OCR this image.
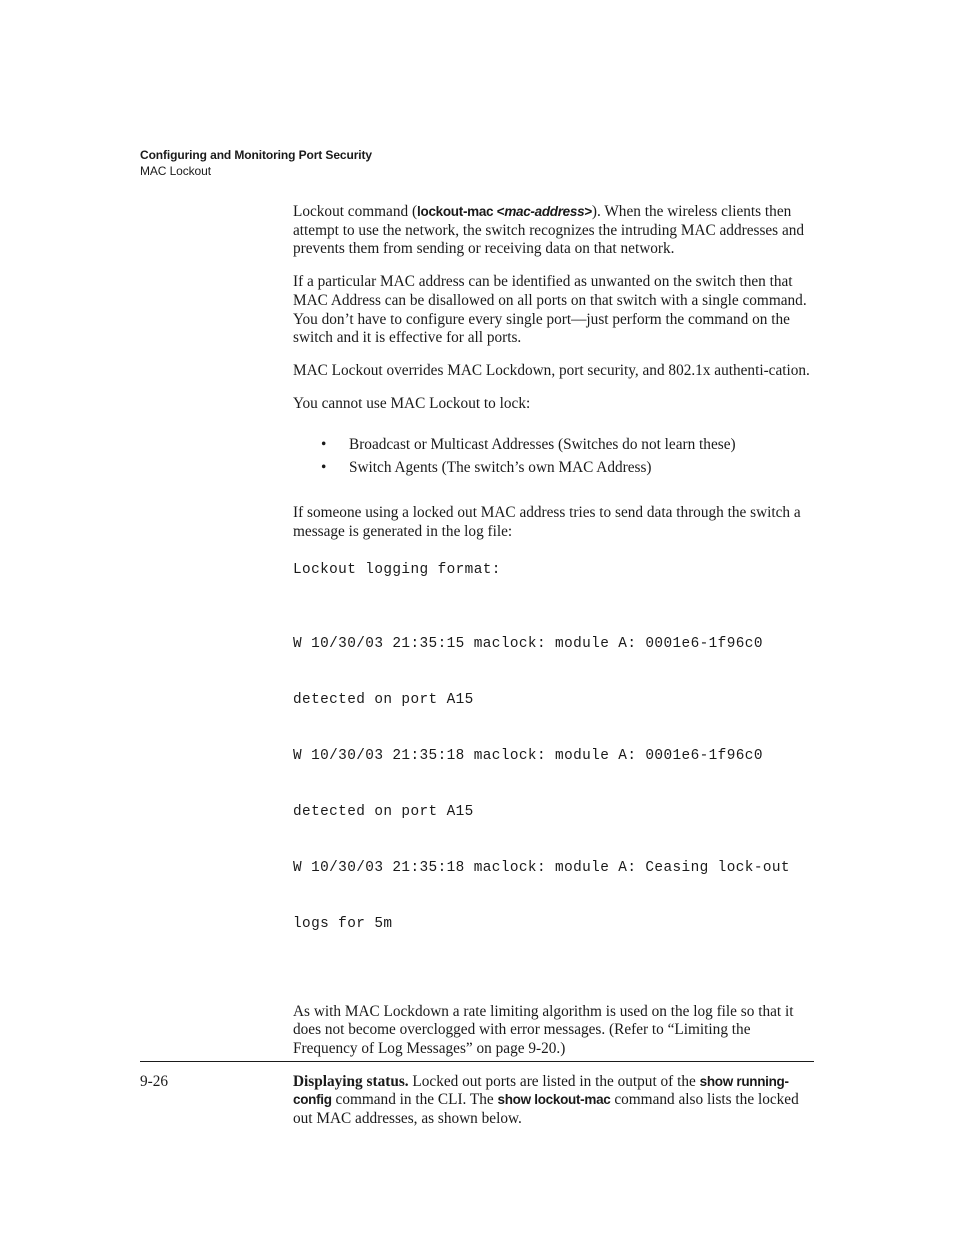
Configuring and Monitoring Port Security
MAC Lockout

Lockout command (lockout-mac <mac-address>). When the wireless clients then attempt to use the network, the switch recognizes the intruding MAC addresses and prevents them from sending or receiving data on that network.

If a particular MAC address can be identified as unwanted on the switch then that MAC Address can be disallowed on all ports on that switch with a single command. You don’t have to configure every single port—just perform the command on the switch and it is effective for all ports.

MAC Lockout overrides MAC Lockdown, port security, and 802.1x authenti-cation.

You cannot use MAC Lockout to lock:

• Broadcast or Multicast Addresses (Switches do not learn these)
• Switch Agents (The switch’s own MAC Address)

If someone using a locked out MAC address tries to send data through the switch a message is generated in the log file:

Lockout logging format:

W 10/30/03 21:35:15 maclock: module A: 0001e6-1f96c0

detected on port A15

W 10/30/03 21:35:18 maclock: module A: 0001e6-1f96c0

detected on port A15

W 10/30/03 21:35:18 maclock: module A: Ceasing lock-out

logs for 5m

As with MAC Lockdown a rate limiting algorithm is used on the log file so that it does not become overclogged with error messages. (Refer to “Limiting the Frequency of Log Messages” on page 9-20.)

Displaying status. Locked out ports are listed in the output of the show running-config command in the CLI. The show lockout-mac command also lists the locked out MAC addresses, as shown below.

9-26
